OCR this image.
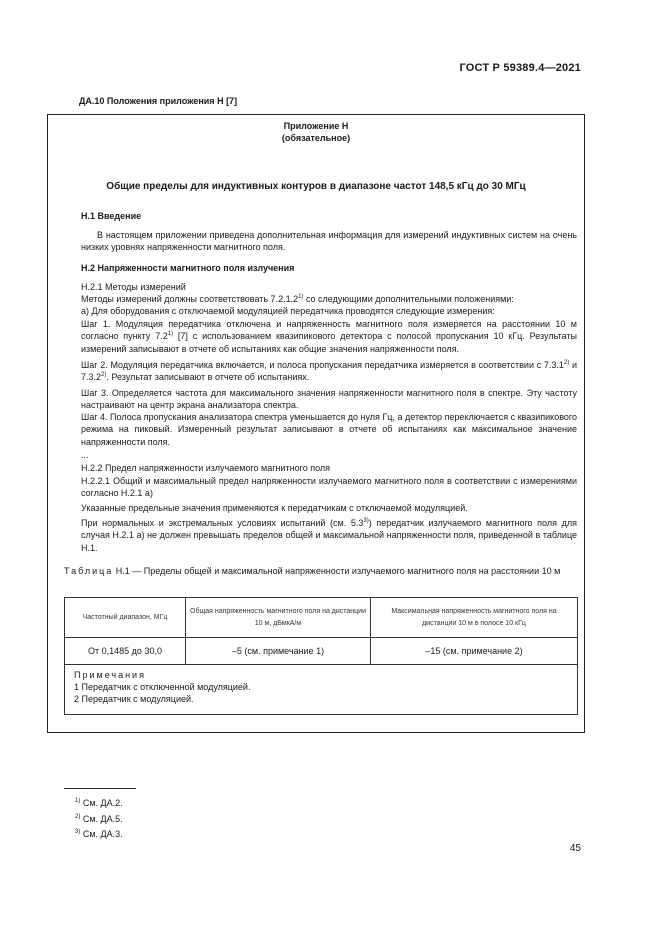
ГОСТ Р 59389.4—2021
ДА.10 Положения приложения H [7]
Приложение H
(обязательное)
Общие пределы для индуктивных контуров в диапазоне частот 148,5 кГц до 30 МГц
H.1 Введение
В настоящем приложении приведена дополнительная информация для измерений индуктивных систем на очень низких уровнях напряженности магнитного поля.
H.2 Напряженности магнитного поля излучения
H.2.1 Методы измерений
Методы измерений должны соответствовать 7.2.1.2$^{1)}$ со следующими дополнительными положениями:
а) Для оборудования с отключаемой модуляцией передатчика проводятся следующие измерения:
Шаг 1. Модуляция передатчика отключена и напряженность магнитного поля измеряется на расстоянии 10 м согласно пункту 7.2$^{1)}$ [7] с использованием квазипикового детектора с полосой пропускания 10 кГц. Результаты измерений записывают в отчете об испытаниях как общие значения напряженности поля.
Шаг 2. Модуляция передатчика включается, и полоса пропускания передатчика измеряется в соответствии с 7.3.1$^{2)}$ и 7.3.2$^{2)}$. Результат записывают в отчете об испытаниях.
Шаг 3. Определяется частота для максимального значения напряженности магнитного поля в спектре. Эту частоту настраивают на центр экрана анализатора спектра.
Шаг 4. Полоса пропускания анализатора спектра уменьшается до нуля Гц, а детектор переключается с квазипикового режима на пиковый. Измеренный результат записывают в отчете об испытаниях как максимальное значение напряженности поля.
...
H.2.2 Предел напряженности излучаемого магнитного поля
H.2.2.1 Общий и максимальный предел напряженности излучаемого магнитного поля в соответствии с измерениями согласно H.2.1 а)
Указанные предельные значения применяются к передатчикам с отключаемой модуляцией.
При нормальных и экстремальных условиях испытаний (см. 5.3$^{3)}$) передатчик излучаемого магнитного поля для случая H.2.1 а) не должен превышать пределов общей и максимальной напряженности поля, приведенной в таблице H.1.
Таблица H.1 — Пределы общей и максимальной напряженности излучаемого магнитного поля на расстоянии 10 м
Частотный диапазон, МГц	Общая напряженность магнитного поля на дистанции 10 м, дБмкА/м	Максимальная напряженность магнитного поля на дистанции 10 м в полосе 10 кГц
От 0,1485 до 30,0	–5 (см. примечание 1)	–15 (см. примечание 2)
Примечания
1 Передатчик с отключенной модуляцией.
2 Передатчик с модуляцией.
$^{1)}$ См. ДА.2.
$^{2)}$ См. ДА.5.
$^{3)}$ См. ДА.3.
45
